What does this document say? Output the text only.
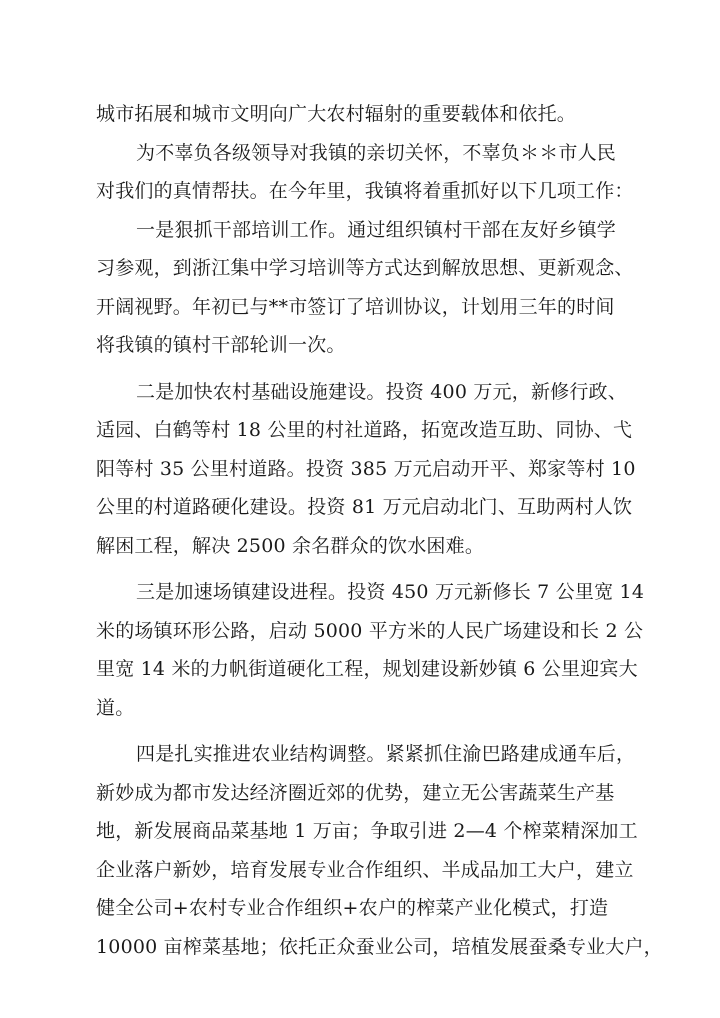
城市拓展和城市文明向广大农村辐射的重要载体和依托。
为不辜负各级领导对我镇的亲切关怀，不辜负＊＊市人民
对我们的真情帮扶。在今年里，我镇将着重抓好以下几项工作：
一是狠抓干部培训工作。通过组织镇村干部在友好乡镇学
习参观，到浙江集中学习培训等方式达到解放思想、更新观念、
开阔视野。年初已与**市签订了培训协议，计划用三年的时间
将我镇的镇村干部轮训一次。
二是加快农村基础设施建设。投资 400 万元，新修行政、
适园、白鹤等村 18 公里的村社道路，拓宽改造互助、同协、弋
阳等村 35 公里村道路。投资 385 万元启动开平、郑家等村 10
公里的村道路硬化建设。投资 81 万元启动北门、互助两村人饮
解困工程，解决 2500 余名群众的饮水困难。
三是加速场镇建设进程。投资 450 万元新修长 7 公里宽 14
米的场镇环形公路，启动 5000 平方米的人民广场建设和长 2 公
里宽 14 米的力帆街道硬化工程，规划建设新妙镇 6 公里迎宾大
道。
四是扎实推进农业结构调整。紧紧抓住渝巴路建成通车后，
新妙成为都市发达经济圈近郊的优势，建立无公害蔬菜生产基
地，新发展商品菜基地 1 万亩；争取引进 2—4 个榨菜精深加工
企业落户新妙，培育发展专业合作组织、半成品加工大户，建立
健全公司+农村专业合作组织+农户的榨菜产业化模式，打造
10000 亩榨菜基地；依托正众蚕业公司，培植发展蚕桑专业大户，
